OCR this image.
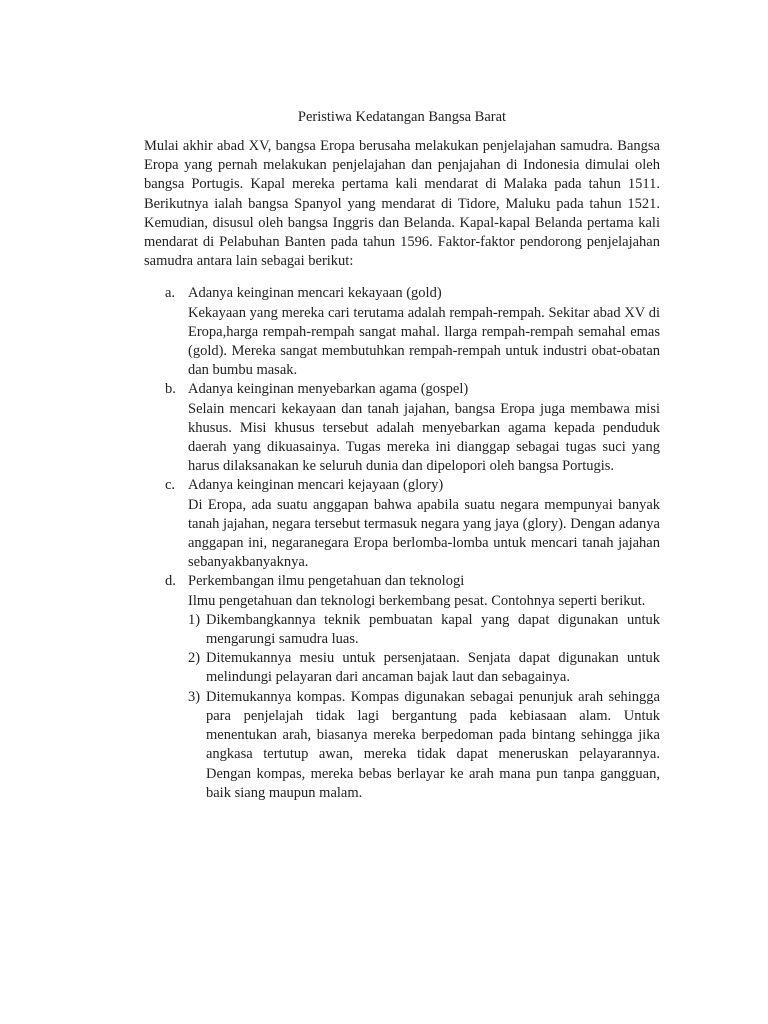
Peristiwa Kedatangan Bangsa Barat
Mulai akhir abad XV, bangsa Eropa berusaha melakukan penjelajahan samudra. Bangsa Eropa yang pernah melakukan penjelajahan dan penjajahan di Indonesia dimulai oleh bangsa Portugis. Kapal mereka pertama kali mendarat di Malaka pada tahun 1511. Berikutnya ialah bangsa Spanyol yang mendarat di Tidore, Maluku pada tahun 1521. Kemudian, disusul oleh bangsa Inggris dan Belanda. Kapal-kapal Belanda pertama kali mendarat di Pelabuhan Banten pada tahun 1596. Faktor-faktor pendorong penjelajahan samudra antara lain sebagai berikut:
a. Adanya keinginan mencari kekayaan (gold)
Kekayaan yang mereka cari terutama adalah rempah-rempah. Sekitar abad XV di Eropa,harga rempah-rempah sangat mahal. llarga rempah-rempah semahal emas (gold). Mereka sangat membutuhkan rempah-rempah untuk industri obat-obatan dan bumbu masak.
b. Adanya keinginan menyebarkan agama (gospel)
Selain mencari kekayaan dan tanah jajahan, bangsa Eropa juga membawa misi khusus. Misi khusus tersebut adalah menyebarkan agama kepada penduduk daerah yang dikuasainya. Tugas mereka ini dianggap sebagai tugas suci yang harus dilaksanakan ke seluruh dunia dan dipelopori oleh bangsa Portugis.
c. Adanya keinginan mencari kejayaan (glory)
Di Eropa, ada suatu anggapan bahwa apabila suatu negara mempunyai banyak tanah jajahan, negara tersebut termasuk negara yang jaya (glory). Dengan adanya anggapan ini, negaranegara Eropa berlomba-lomba untuk mencari tanah jajahan sebanyakbanyaknya.
d. Perkembangan ilmu pengetahuan dan teknologi
Ilmu pengetahuan dan teknologi berkembang pesat. Contohnya seperti berikut.
1) Dikembangkannya teknik pembuatan kapal yang dapat digunakan untuk mengarungi samudra luas.
2) Ditemukannya mesiu untuk persenjataan. Senjata dapat digunakan untuk melindungi pelayaran dari ancaman bajak laut dan sebagainya.
3) Ditemukannya kompas. Kompas digunakan sebagai penunjuk arah sehingga para penjelajah tidak lagi bergantung pada kebiasaan alam. Untuk menentukan arah, biasanya mereka berpedoman pada bintang sehingga jika angkasa tertutup awan, mereka tidak dapat meneruskan pelayarannya. Dengan kompas, mereka bebas berlayar ke arah mana pun tanpa gangguan, baik siang maupun malam.
